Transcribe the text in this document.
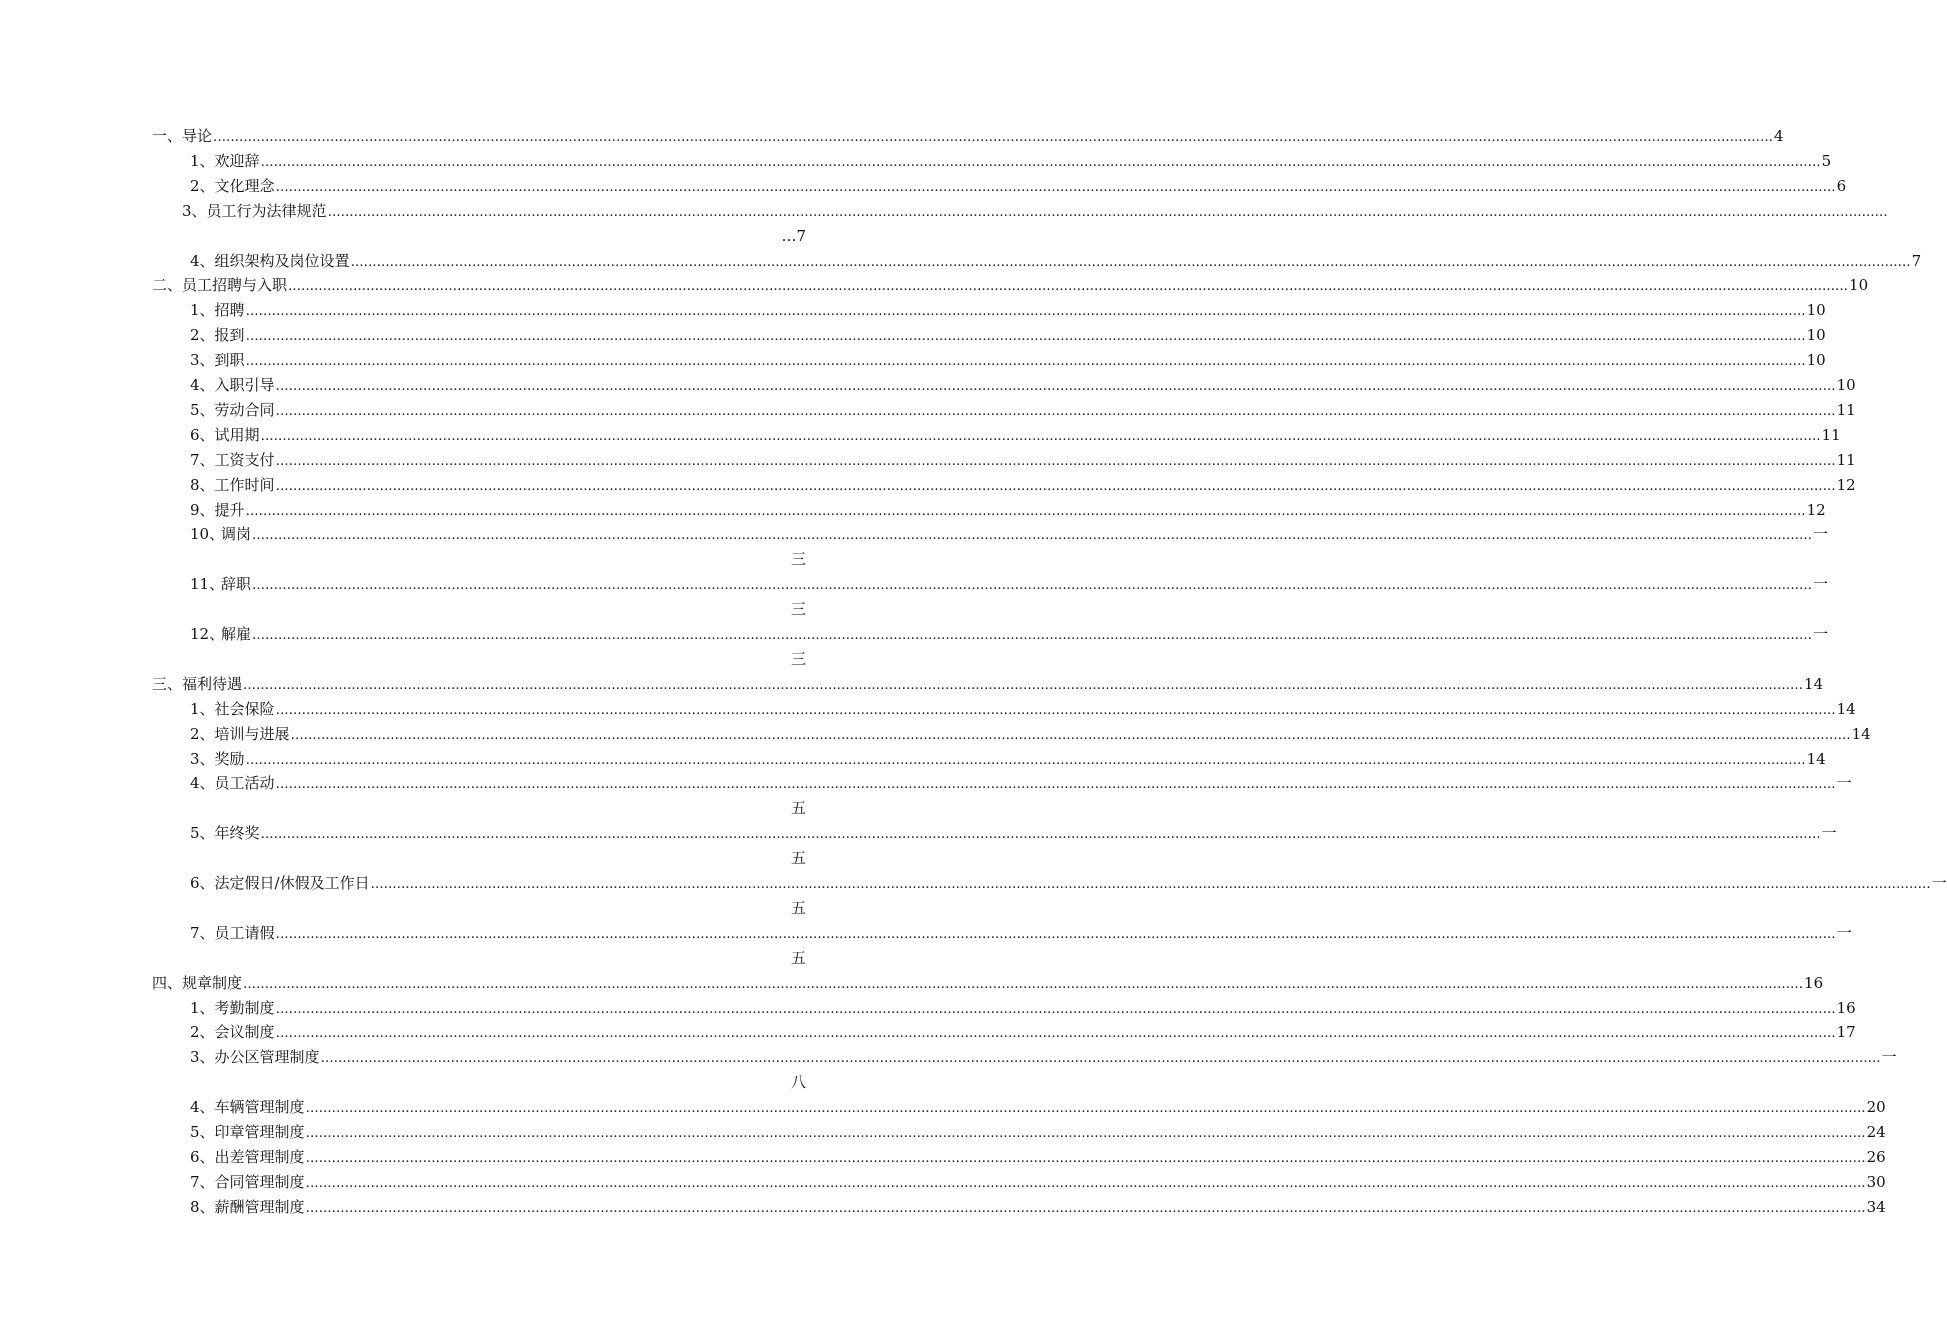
一、 导论 ……………………………………………………………………………………………………………………………………………………………………………………………………………………………………………………………………………………………………………………………… 4
1、 欢迎辞 ……………………………………………………………………………………………………………………………………………………………………………………………………………………………………………………………………………………………………………………………… 5
2、 文化理念 ……………………………………………………………………………………………………………………………………………………………………………………………………………………………………………………………………………………………………………………………… 6
3、 员工行为法律规范 ………………………………………………………………………………………………………………………………………………………………………………………………………………………………………………………………………………………………………………………………
…7
4、 组织架构及岗位设置 ……………………………………………………………………………………………………………………………………………………………………………………………………………………………………………………………………………………………………………………………… 7
二、 员工招聘与入职 ……………………………………………………………………………………………………………………………………………………………………………………………………………………………………………………………………………………………………………………………… 10
1、 招聘 ……………………………………………………………………………………………………………………………………………………………………………………………………………………………………………………………………………………………………………………………… 10
2、 报到 ……………………………………………………………………………………………………………………………………………………………………………………………………………………………………………………………………………………………………………………………… 10
3、 到职 ……………………………………………………………………………………………………………………………………………………………………………………………………………………………………………………………………………………………………………………………… 10
4、 入职引导 ……………………………………………………………………………………………………………………………………………………………………………………………………………………………………………………………………………………………………………………………… 10
5、 劳动合同 ……………………………………………………………………………………………………………………………………………………………………………………………………………………………………………………………………………………………………………………………… 11
6、 试用期 ……………………………………………………………………………………………………………………………………………………………………………………………………………………………………………………………………………………………………………………………… 11
7、 工资支付 ……………………………………………………………………………………………………………………………………………………………………………………………………………………………………………………………………………………………………………………………… 11
8、 工作时间 ……………………………………………………………………………………………………………………………………………………………………………………………………………………………………………………………………………………………………………………………… 12
9、 提升 ……………………………………………………………………………………………………………………………………………………………………………………………………………………………………………………………………………………………………………………………… 12
10、
调岗 ……………………………………………………………………………………………………………………………………………………………………………………………………………………………………………………………………………………………………………………………… 一
三
11、
辞职 ……………………………………………………………………………………………………………………………………………………………………………………………………………………………………………………………………………………………………………………………… 一
三
12、
解雇 ……………………………………………………………………………………………………………………………………………………………………………………………………………………………………………………………………………………………………………………………… 一
三
三、 福利待遇 ……………………………………………………………………………………………………………………………………………………………………………………………………………………………………………………………………………………………………………………………… 14
1、 社会保险 ……………………………………………………………………………………………………………………………………………………………………………………………………………………………………………………………………………………………………………………………… 14
2、 培训与进展 ……………………………………………………………………………………………………………………………………………………………………………………………………………………………………………………………………………………………………………………………… 14
3、 奖励 ……………………………………………………………………………………………………………………………………………………………………………………………………………………………………………………………………………………………………………………………… 14
4、 员工活动 ……………………………………………………………………………………………………………………………………………………………………………………………………………………………………………………………………………………………………………………………… 一
五
5、 年终奖 ……………………………………………………………………………………………………………………………………………………………………………………………………………………………………………………………………………………………………………………………… 一
五
6、 法定假日/休假及工作日 ……………………………………………………………………………………………………………………………………………………………………………………………………………………………………………………………………………………………………………………………… 一
五
7、 员工请假 ……………………………………………………………………………………………………………………………………………………………………………………………………………………………………………………………………………………………………………………………… 一
五
四、 规章制度 ……………………………………………………………………………………………………………………………………………………………………………………………………………………………………………………………………………………………………………………………… 16
1、 考勤制度 ……………………………………………………………………………………………………………………………………………………………………………………………………………………………………………………………………………………………………………………………… 16
2、 会议制度 ……………………………………………………………………………………………………………………………………………………………………………………………………………………………………………………………………………………………………………………………… 17
3、 办公区管理制度 ……………………………………………………………………………………………………………………………………………………………………………………………………………………………………………………………………………………………………………………………… 一
八
4、 车辆管理制度 ……………………………………………………………………………………………………………………………………………………………………………………………………………………………………………………………………………………………………………………………… 20
5、 印章管理制度 ……………………………………………………………………………………………………………………………………………………………………………………………………………………………………………………………………………………………………………………………… 24
6、 出差管理制度 ……………………………………………………………………………………………………………………………………………………………………………………………………………………………………………………………………………………………………………………………… 26
7、 合同管理制度 ……………………………………………………………………………………………………………………………………………………………………………………………………………………………………………………………………………………………………………………………… 30
8、 薪酬管理制度 ……………………………………………………………………………………………………………………………………………………………………………………………………………………………………………………………………………………………………………………………… 34
